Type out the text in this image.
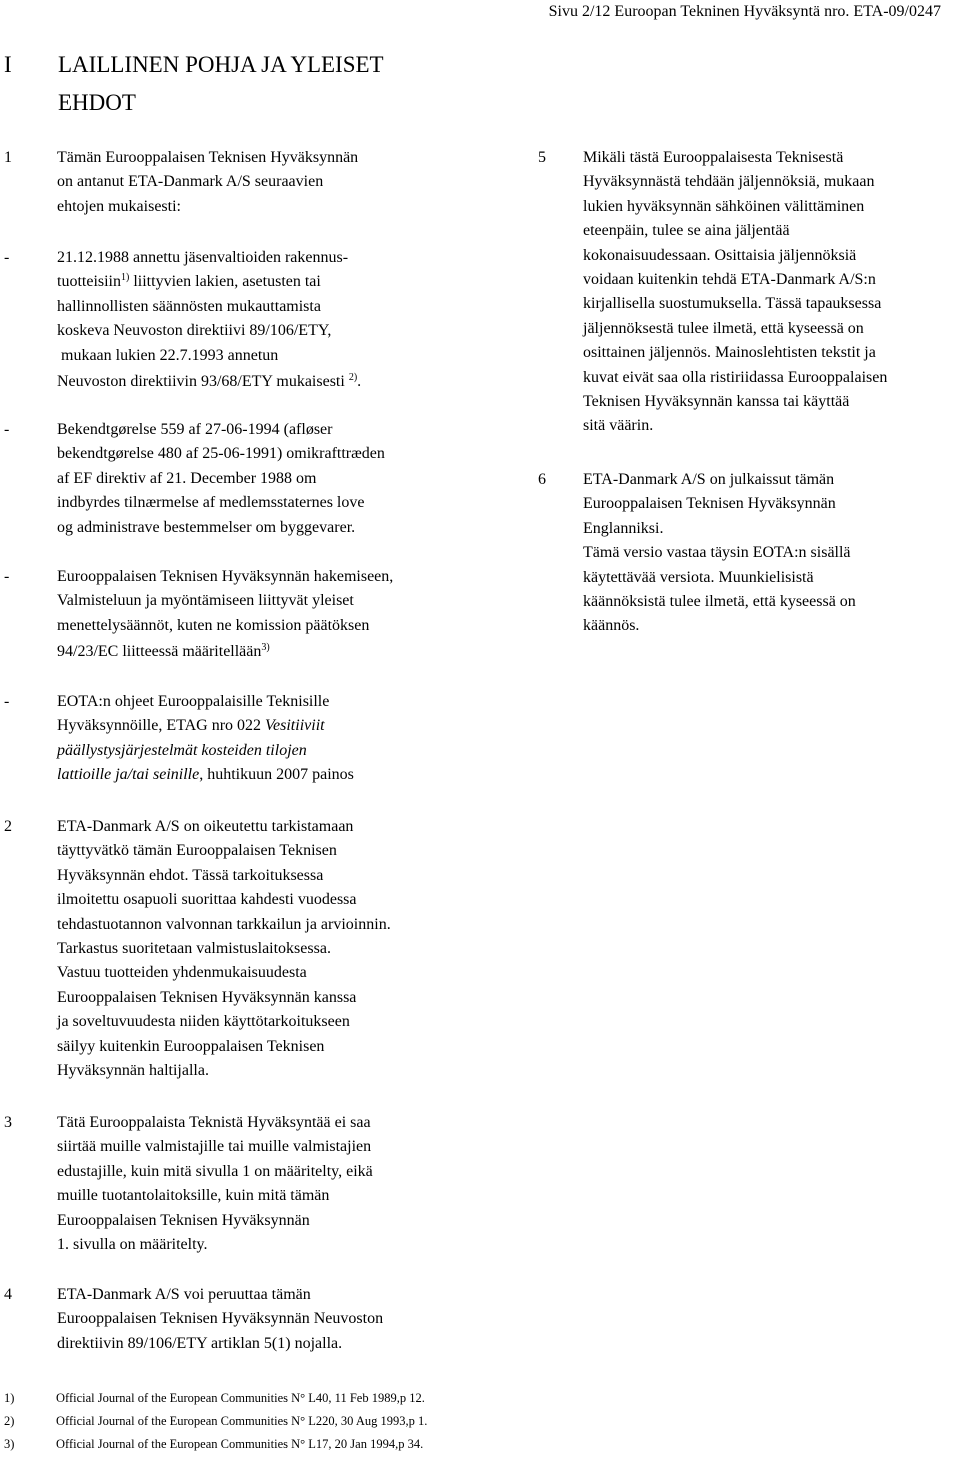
Sivu 2/12 Euroopan Tekninen Hyväksyntä nro. ETA-09/0247
I LAILLINEN POHJA JA YLEISET
EHDOT
1	Tämän Eurooppalaisen Teknisen Hyväksynnän
on antanut ETA-Danmark A/S seuraavien
ehtojen mukaisesti:
-	21.12.1988 annettu jäsenvaltioiden rakennus-
tuotteisiin$^{1)}$ liittyvien lakien, asetusten tai
hallinnollisten säännösten mukauttamista
koskeva Neuvoston direktiivi 89/106/ETY,
mukaan lukien 22.7.1993 annetun
Neuvoston direktiivin 93/68/ETY mukaisesti $^{2)}$.
-	Bekendtgørelse 559 af 27-06-1994 (afløser
bekendtgørelse 480 af 25-06-1991) omikrafttræden
af EF direktiv af 21. December 1988 om
indbyrdes tilnærmelse af medlemsstaternes love
og administrave bestemmelser om byggevarer.
-	Eurooppalaisen Teknisen Hyväksynnän hakemiseen,
Valmisteluun ja myöntämiseen liittyvät yleiset
menettelysäännöt, kuten ne komission päätöksen
94/23/EC liitteessä määritellään$^{3)}$
-	EOTA:n ohjeet Eurooppalaisille Teknisille
Hyväksynnöille, ETAG nro 022 Vesitiiviit
päällystysjärjestelmät kosteiden tilojen
lattioille ja/tai seinille, huhtikuun 2007 painos
2	ETA-Danmark A/S on oikeutettu tarkistamaan
täyttyvätkö tämän Eurooppalaisen Teknisen
Hyväksynnän ehdot. Tässä tarkoituksessa
ilmoitettu osapuoli suorittaa kahdesti vuodessa
tehdastuotannon valvonnan tarkkailun ja arvioinnin.
Tarkastus suoritetaan valmistuslaitoksessa.
Vastuu tuotteiden yhdenmukaisuudesta
Eurooppalaisen Teknisen Hyväksynnän kanssa
ja soveltuvuudesta niiden käyttötarkoitukseen
säilyy kuitenkin Eurooppalaisen Teknisen
Hyväksynnän haltijalla.
3	Tätä Eurooppalaista Teknistä Hyväksyntää ei saa
siirtää muille valmistajille tai muille valmistajien
edustajille, kuin mitä sivulla 1 on määritelty, eikä
muille tuotantolaitoksille, kuin mitä tämän
Eurooppalaisen Teknisen Hyväksynnän
1. sivulla on määritelty.
4	ETA-Danmark A/S voi peruuttaa tämän
Eurooppalaisen Teknisen Hyväksynnän Neuvoston
direktiivin 89/106/ETY artiklan 5(1) nojalla.
5 Mikäli tästä Eurooppalaisesta Teknisestä
Hyväksynnästä tehdään jäljennöksiä, mukaan
lukien hyväksynnän sähköinen välittäminen
eteenpäin, tulee se aina jäljentää
kokonaisuudessaan. Osittaisia jäljennöksiä
voidaan kuitenkin tehdä ETA-Danmark A/S:n
kirjallisella suostumuksella. Tässä tapauksessa
jäljennöksestä tulee ilmetä, että kyseessä on
osittainen jäljennös. Mainoslehtisten tekstit ja
kuvat eivät saa olla ristiriidassa Eurooppalaisen
Teknisen Hyväksynnän kanssa tai käyttää
sitä väärin.
6 ETA-Danmark A/S on julkaissut tämän
Eurooppalaisen Teknisen Hyväksynnän
Englanniksi.
Tämä versio vastaa täysin EOTA:n sisällä
käytettävää versiota. Muunkielisistä
käännöksistä tulee ilmetä, että kyseessä on
käännös.
1)	Official Journal of the European Communities N° L40, 11 Feb 1989,p 12.
2)	Official Journal of the European Communities N° L220, 30 Aug 1993,p 1.
3)	Official Journal of the European Communities N° L17, 20 Jan 1994,p 34.
